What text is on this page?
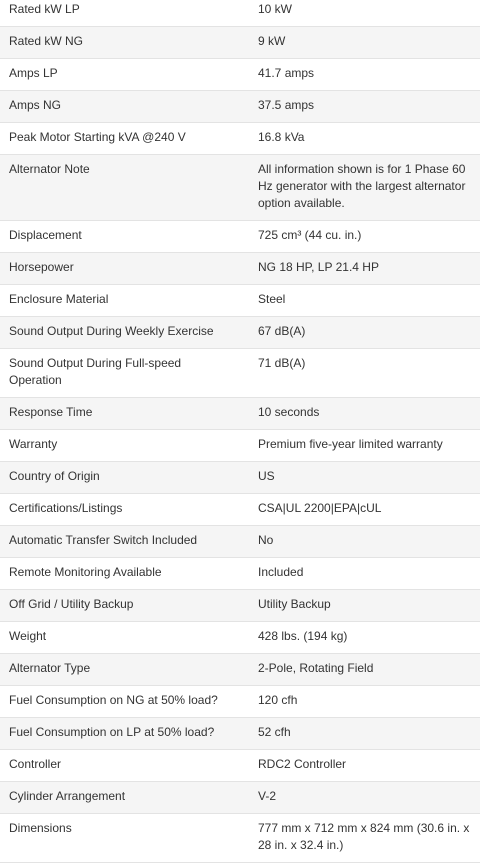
Rated kW LP	10 kW
Rated kW NG	9 kW
Amps LP	41.7 amps
Amps NG	37.5 amps
Peak Motor Starting kVA @240 V	16.8 kVa
Alternator Note	All information shown is for 1 Phase 60 Hz generator with the largest alternator option available.
Displacement	725 cm³ (44 cu. in.)
Horsepower	NG 18 HP, LP 21.4 HP
Enclosure Material	Steel
Sound Output During Weekly Exercise	67 dB(A)
Sound Output During Full-speed Operation	71 dB(A)
Response Time	10 seconds
Warranty	Premium five-year limited warranty
Country of Origin	US
Certifications/Listings	CSA|UL 2200|EPA|cUL
Automatic Transfer Switch Included	No
Remote Monitoring Available	Included
Off Grid / Utility Backup	Utility Backup
Weight	428 lbs. (194 kg)
Alternator Type	2-Pole, Rotating Field
Fuel Consumption on NG at 50% load?	120 cfh
Fuel Consumption on LP at 50% load?	52 cfh
Controller	RDC2 Controller
Cylinder Arrangement	V-2
Dimensions	777 mm x 712 mm x 824 mm (30.6 in. x 28 in. x 32.4 in.)
